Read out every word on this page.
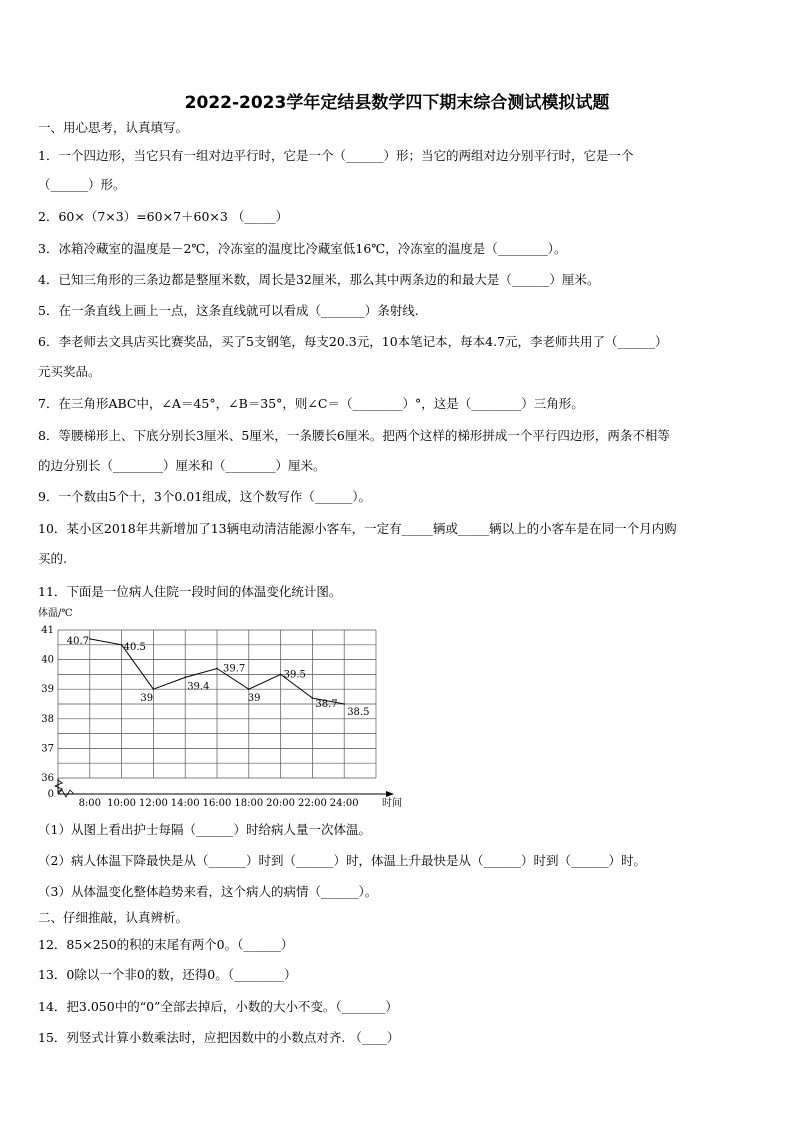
2022-2023学年定结县数学四下期末综合测试模拟试题
一、用心思考，认真填写。
1．一个四边形，当它只有一组对边平行时，它是一个（______）形；当它的两组对边分别平行时，它是一个
（______）形。
2．60×（7×3）=60×7＋60×3 （_____）
3．冰箱冷藏室的温度是－2℃，冷冻室的温度比冷藏室低16℃，冷冻室的温度是（________）。
4．已知三角形的三条边都是整厘米数，周长是32厘米，那么其中两条边的和最大是（______）厘米。
5．在一条直线上画上一点，这条直线就可以看成（_______）条射线.
6．李老师去文具店买比赛奖品，买了5支钢笔，每支20.3元，10本笔记本，每本4.7元，李老师共用了（______）
元买奖品。
7．在三角形ABC中，∠A＝45°，∠B＝35°，则∠C＝（________）°，这是（________）三角形。
8．等腰梯形上、下底分别长3厘米、5厘米，一条腰长6厘米。把两个这样的梯形拼成一个平行四边形，两条不相等
的边分别长（________）厘米和（________）厘米。
9．一个数由5个十，3个0.01组成，这个数写作（______）。
10．某小区2018年共新增加了13辆电动清洁能源小客车，一定有_____辆或_____辆以上的小客车是在同一个月内购
买的.
11．下面是一位病人住院一段时间的体温变化统计图。
0
36
37
38
39
40
41
体温/℃
时间
8:00 10:00 12:00 14:00 16:00 18:00 20:00 22:00 24:00
40.7
40.5
39
39.4
39.7
39
39.5
38.7
38.5
（1）从图上看出护士每隔（______）时给病人量一次体温。
（2）病人体温下降最快是从（______）时到（______）时，体温上升最快是从（______）时到（______）时。
（3）从体温变化整体趋势来看，这个病人的病情（______）。
二、仔细推敲，认真辨析。
12．85×250的积的末尾有两个0。（______）
13．0除以一个非0的数，还得0。（________）
14．把3.050中的“0”全部去掉后，小数的大小不变。（_______）
15．列竖式计算小数乘法时，应把因数中的小数点对齐. （____）
